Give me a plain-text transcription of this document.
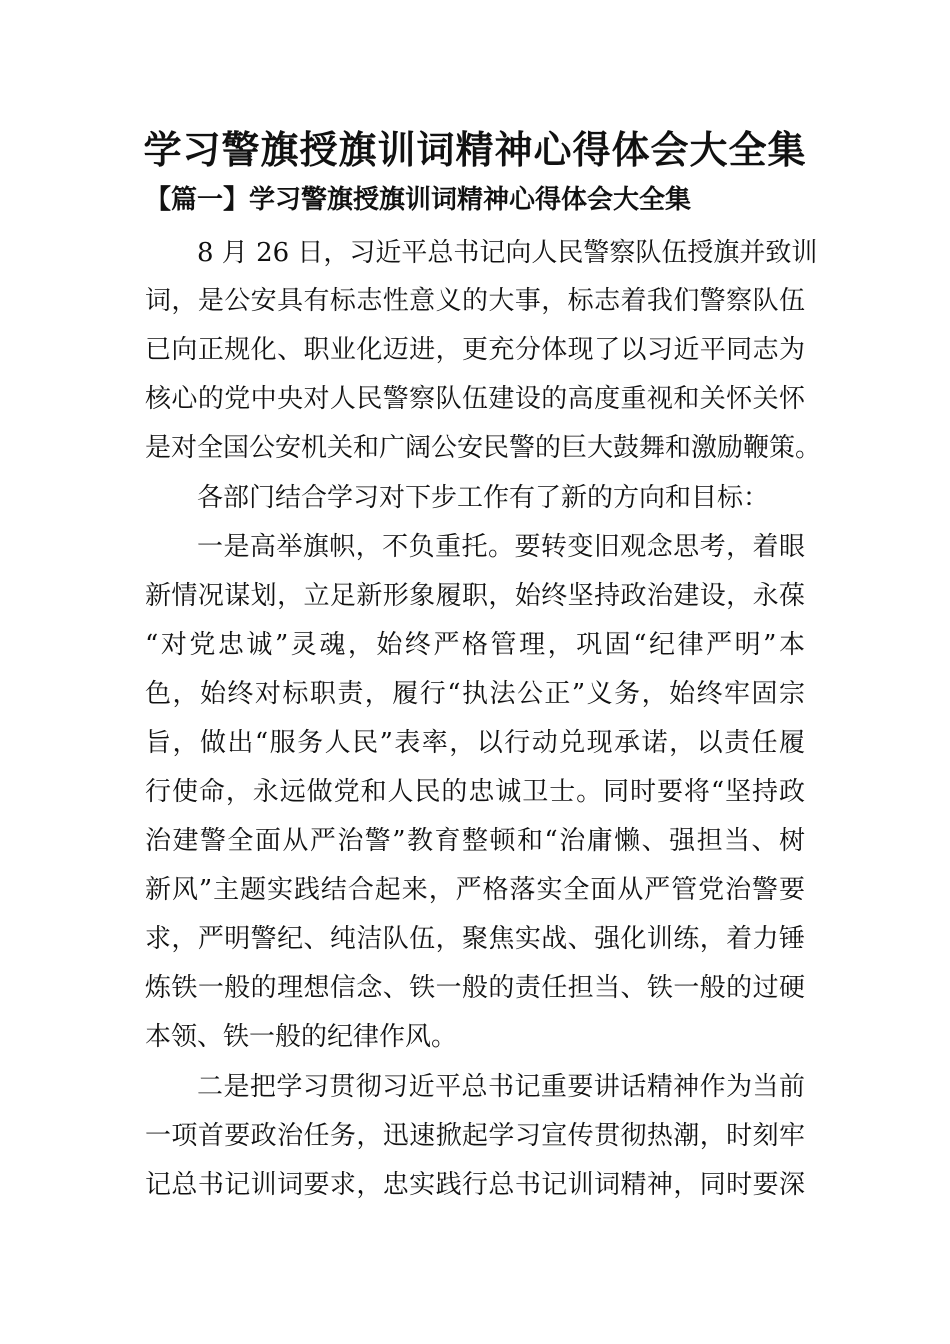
学习警旗授旗训词精神心得体会大全集
【篇一】学习警旗授旗训词精神心得体会大全集

8 月 26 日，习近平总书记向人民警察队伍授旗并致训

词，是公安具有标志性意义的大事，标志着我们警察队伍

已向正规化、职业化迈进，更充分体现了以习近平同志为

核心的党中央对人民警察队伍建设的高度重视和关怀关怀

是对全国公安机关和广阔公安民警的巨大鼓舞和激励鞭策。

各部门结合学习对下步工作有了新的方向和目标：

一是高举旗帜，不负重托。要转变旧观念思考，着眼

新情况谋划，立足新形象履职，始终坚持政治建设，永葆

“对党忠诚”灵魂，始终严格管理，巩固“纪律严明”本

色，始终对标职责，履行“执法公正”义务，始终牢固宗

旨，做出“服务人民”表率，以行动兑现承诺，以责任履

行使命，永远做党和人民的忠诚卫士。同时要将“坚持政

治建警全面从严治警”教育整顿和“治庸懒、强担当、树

新风”主题实践结合起来，严格落实全面从严管党治警要

求，严明警纪、纯洁队伍，聚焦实战、强化训练，着力锤

炼铁一般的理想信念、铁一般的责任担当、铁一般的过硬

本领、铁一般的纪律作风。

二是把学习贯彻习近平总书记重要讲话精神作为当前

一项首要政治任务，迅速掀起学习宣传贯彻热潮，时刻牢

记总书记训词要求，忠实践行总书记训词精神，同时要深
